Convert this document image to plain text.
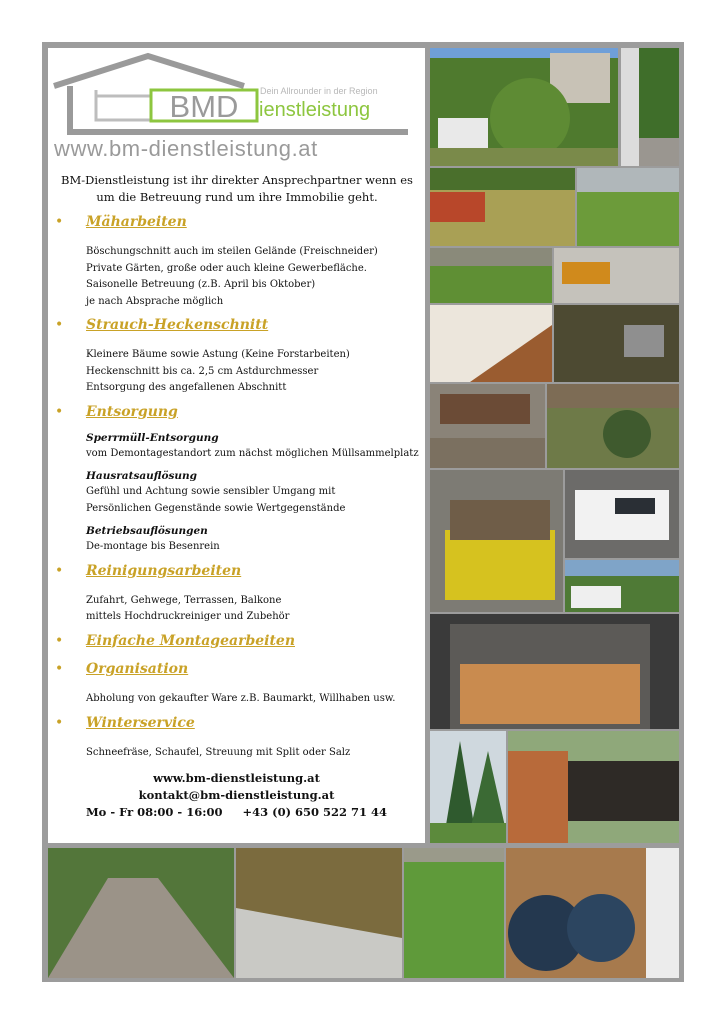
BMD ienstleistung
Dein Allrounder in der Region
www.bm-dienstleistung.at
BM-Dienstleistung ist ihr direkter Ansprechpartner wenn es um die Betreuung rund um ihre Immobilie geht.
• Mäharbeiten
Böschungschnitt auch im steilen Gelände (Freischneider)
Private Gärten, große oder auch kleine Gewerbefläche.
Saisonelle Betreuung (z.B. April bis Oktober)
je nach Absprache möglich
• Strauch-Heckenschnitt
Kleinere Bäume sowie Astung (Keine Forstarbeiten)
Heckenschnitt bis ca. 2,5 cm Astdurchmesser
Entsorgung des angefallenen Abschnitt
• Entsorgung
Sperrmüll-Entsorgung
vom Demontagestandort zum nächst möglichen Müllsammelplatz
Hausratsauflösung
Gefühl und Achtung sowie sensibler Umgang mit
Persönlichen Gegenstände sowie Wertgegenstände
Betriebsauflösungen
De-montage bis Besenrein
• Reinigungsarbeiten
Zufahrt, Gehwege, Terrassen, Balkone
mittels Hochdruckreiniger und Zubehör
• Einfache Montagearbeiten
• Organisation
Abholung von gekaufter Ware z.B. Baumarkt, Willhaben usw.
• Winterservice
Schneefräse, Schaufel, Streuung mit Split oder Salz
www.bm-dienstleistung.at
kontakt@bm-dienstleistung.at
Mo - Fr 08:00 - 16:00 +43 (0) 650 522 71 44
